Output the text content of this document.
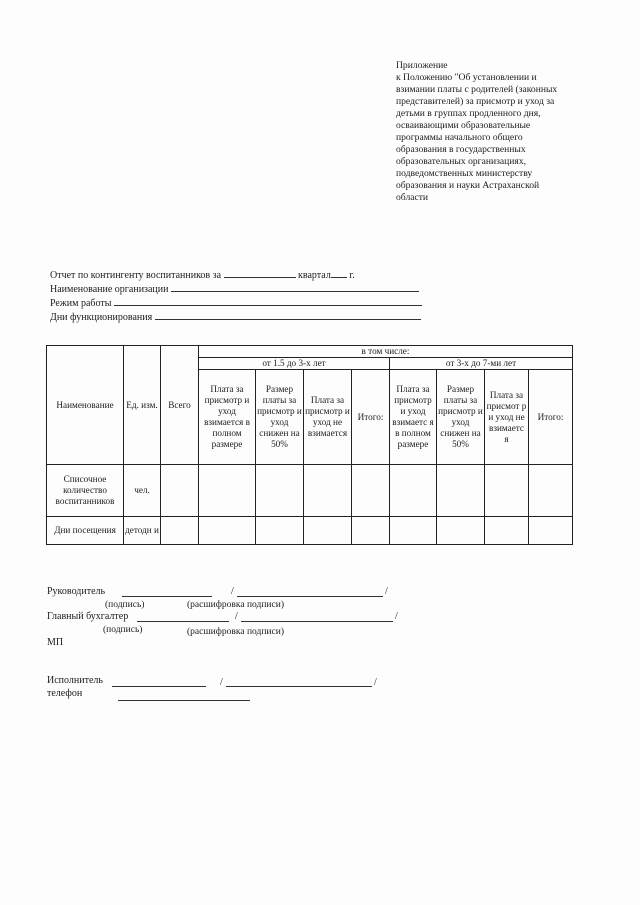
Приложение
к Положению "Об установлении и
взимании платы с родителей (законных
представителей) за присмотр и уход за
детьми в группах продленного дня,
осваивающими образовательные
программы начального общего
образования в государственных
образовательных организациях,
подведомственных министерству
образования и науки Астраханской
области
Отчет по контингенту воспитанников за	квартал г.
Наименование организации
Режим работы
Дни функционирования
Наименование	Ед. изм.	Всего	в том числе:							
			от 1.5 до 3-х лет				от 3-х до 7-ми лет			
			Плата за присмотр и уход взимается в полном размере	Размер платы за присмотр и уход снижен на 50%	Плата за присмотр и уход не взимается	Итого:	Плата за присмотр и уход взимаетс я в полном размере	Размер платы за присмотр и уход снижен на 50%	Плата за присмот р и уход не взимаетс я	Итого:
Списочное количество воспитанников	чел.									
Дни посещения	детодн и									
Руководитель	/	/
(подпись)	(расшифровка подписи)
Главный бухгалтер	/	/
(подпись)	(расшифровка подписи)
МП
Исполнитель	/	/
телефон
